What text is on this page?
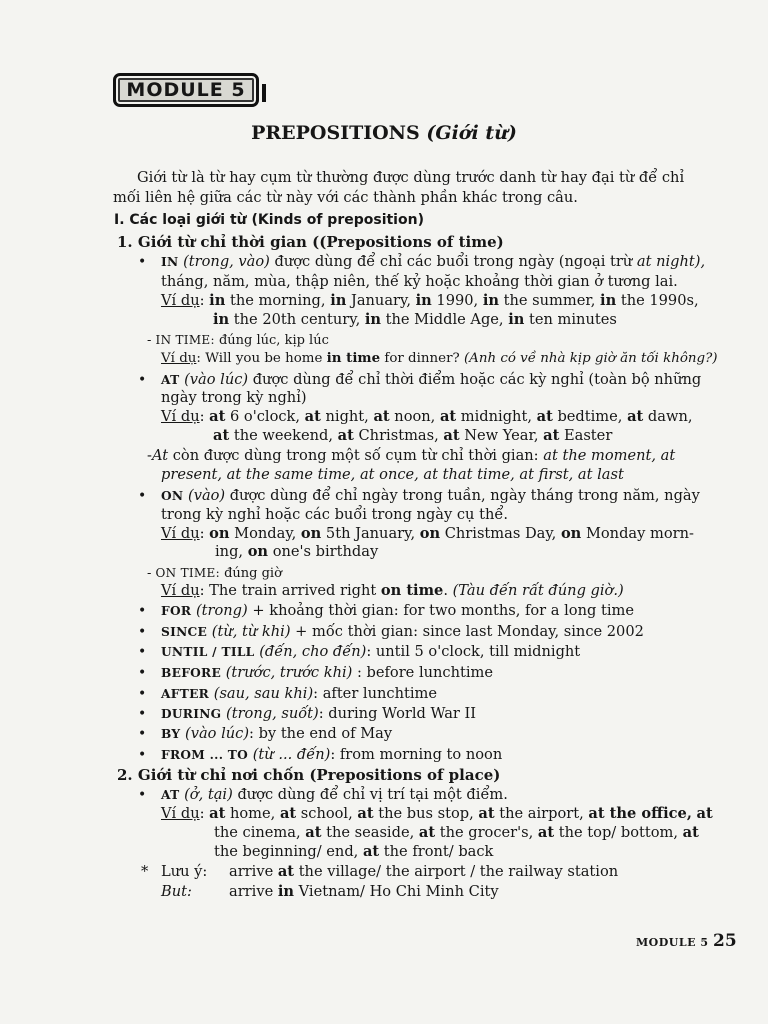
MODULE 5
PREPOSITIONS (Giới từ)
Giới từ là từ hay cụm từ thường được dùng trước danh từ hay đại từ để chỉ
mối liên hệ giữa các từ này với các thành phần khác trong câu.
I. Các loại giới từ (Kinds of preposition)
1. Giới từ chỉ thời gian ((Prepositions of time)
• IN (trong, vào) được dùng để chỉ các buổi trong ngày (ngoại trừ at night),
tháng, năm, mùa, thập niên, thế kỷ hoặc khoảng thời gian ở tương lai.
Ví dụ: in the morning, in January, in 1990, in the summer, in the 1990s,
in the 20th century, in the Middle Age, in ten minutes
- IN TIME: đúng lúc, kịp lúc
Ví dụ: Will you be home in time for dinner? (Anh có về nhà kịp giờ ăn tối không?)
• AT (vào lúc) được dùng để chỉ thời điểm hoặc các kỳ nghỉ (toàn bộ những
ngày trong kỳ nghỉ)
Ví dụ: at 6 o'clock, at night, at noon, at midnight, at bedtime, at dawn,
at the weekend, at Christmas, at New Year, at Easter
-At còn được dùng trong một số cụm từ chỉ thời gian: at the moment, at
present, at the same time, at once, at that time, at first, at last
• ON (vào) được dùng để chỉ ngày trong tuần, ngày tháng trong năm, ngày
trong kỳ nghỉ hoặc các buổi trong ngày cụ thể.
Ví dụ: on Monday, on 5th January, on Christmas Day, on Monday morn-
ing, on one's birthday
- ON TIME: đúng giờ
Ví dụ: The train arrived right on time. (Tàu đến rất đúng giờ.)
• FOR (trong) + khoảng thời gian: for two months, for a long time
• SINCE (từ, từ khi) + mốc thời gian: since last Monday, since 2002
• UNTIL / TILL (đến, cho đến): until 5 o'clock, till midnight
• BEFORE (trước, trước khi) : before lunchtime
• AFTER (sau, sau khi): after lunchtime
• DURING (trong, suốt): during World War II
• BY (vào lúc): by the end of May
• FROM ... TO (từ ... đến): from morning to noon
2. Giới từ chỉ nơi chốn (Prepositions of place)
• AT (ở, tại) được dùng để chỉ vị trí tại một điểm.
Ví dụ: at home, at school, at the bus stop, at the airport, at the office, at
the cinema, at the seaside, at the grocer's, at the top/ bottom, at
the beginning/ end, at the front/ back
* Lưu ý: arrive at the village/ the airport / the railway station
But:	arrive in Vietnam/ Ho Chi Minh City
MODULE 5 25
